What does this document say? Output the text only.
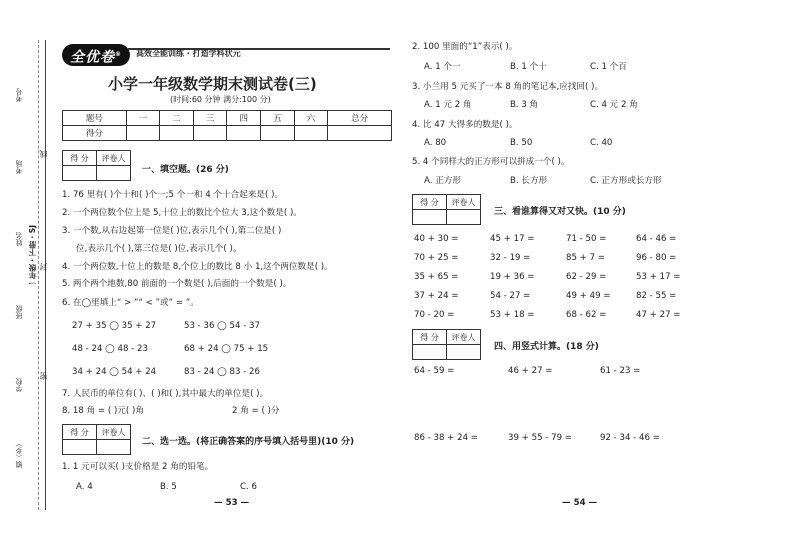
考号
考场
姓名
班级
学校
镇（乡）
一年级 · 下册 · SJ
线
封
密
全优卷®	高效全能训练 · 打造学科状元
小学一年级数学期末测试卷(三)
(时间:60 分钟 满分:100 分)
题号	一	二	三	四	五	六	总分
得分							
得 分	评卷人

一、填空题。(26 分)
1. 76 里有( )个十和( )个一;5 个一和 4 个十合起来是( )。
2. 一个两位数个位上是 5,十位上的数比个位大 3,这个数是( )。
3. 一个数,从右边起第一位是( )位,表示几个( ),第二位是( )
位,表示几个( ),第三位是( )位,表示几个( )。
4. 一个两位数,十位上的数是 8,个位上的数比 8 小 1,这个两位数是( )。
5. 两个两个地数,80 前面的一个数是( ),后面的一个数是( )。
6. 在◯里填上“ > ”“ < ”或“ = ”。
27 + 35 ◯ 35 + 27	53 - 36 ◯ 54 - 37
48 - 24 ◯ 48 - 23	68 + 24 ◯ 75 + 15
34 + 24 ◯ 54 + 24	83 - 24 ◯ 83 - 26
7. 人民币的单位有( )、( )和( ),其中最大的单位是( )。
8. 18 角 = ( )元( )角	2 角 = ( )分
得 分	评卷人

二、选一选。(将正确答案的序号填入括号里)(10 分)
1. 1 元可以买( )支价格是 2 角的铅笔。
A. 4	B. 5	C. 6
— 53 —
2. 100 里面的“1”表示( )。
A. 1 个一	B. 1 个十	C. 1 个百
3. 小兰用 5 元买了一本 8 角的笔记本,应找回( )。
A. 1 元 2 角	B. 3 角	C. 4 元 2 角
4. 比 47 大得多的数是( )。
A. 80	B. 50	C. 40
5. 4 个同样大的正方形可以拼成一个( )。
A. 正方形	B. 长方形	C. 正方形或长方形
得 分	评卷人

三、看谁算得又对又快。(10 分)
40 + 30 =	45 + 17 =	71 - 50 =	64 - 46 =
70 + 25 =	32 - 19 =	85 + 7 =	96 - 80 =
35 + 65 =	19 + 36 =	62 - 29 =	53 + 17 =
37 + 24 =	54 - 27 =	49 + 49 =	82 - 55 =
70 - 20 =	53 + 18 =	68 - 62 =	47 + 27 =
得 分	评卷人

四、用竖式计算。(18 分)
64 - 59 =	46 + 27 =	61 - 23 =
86 - 38 + 24 =	39 + 55 - 79 =	92 - 34 - 46 =
— 54 —
